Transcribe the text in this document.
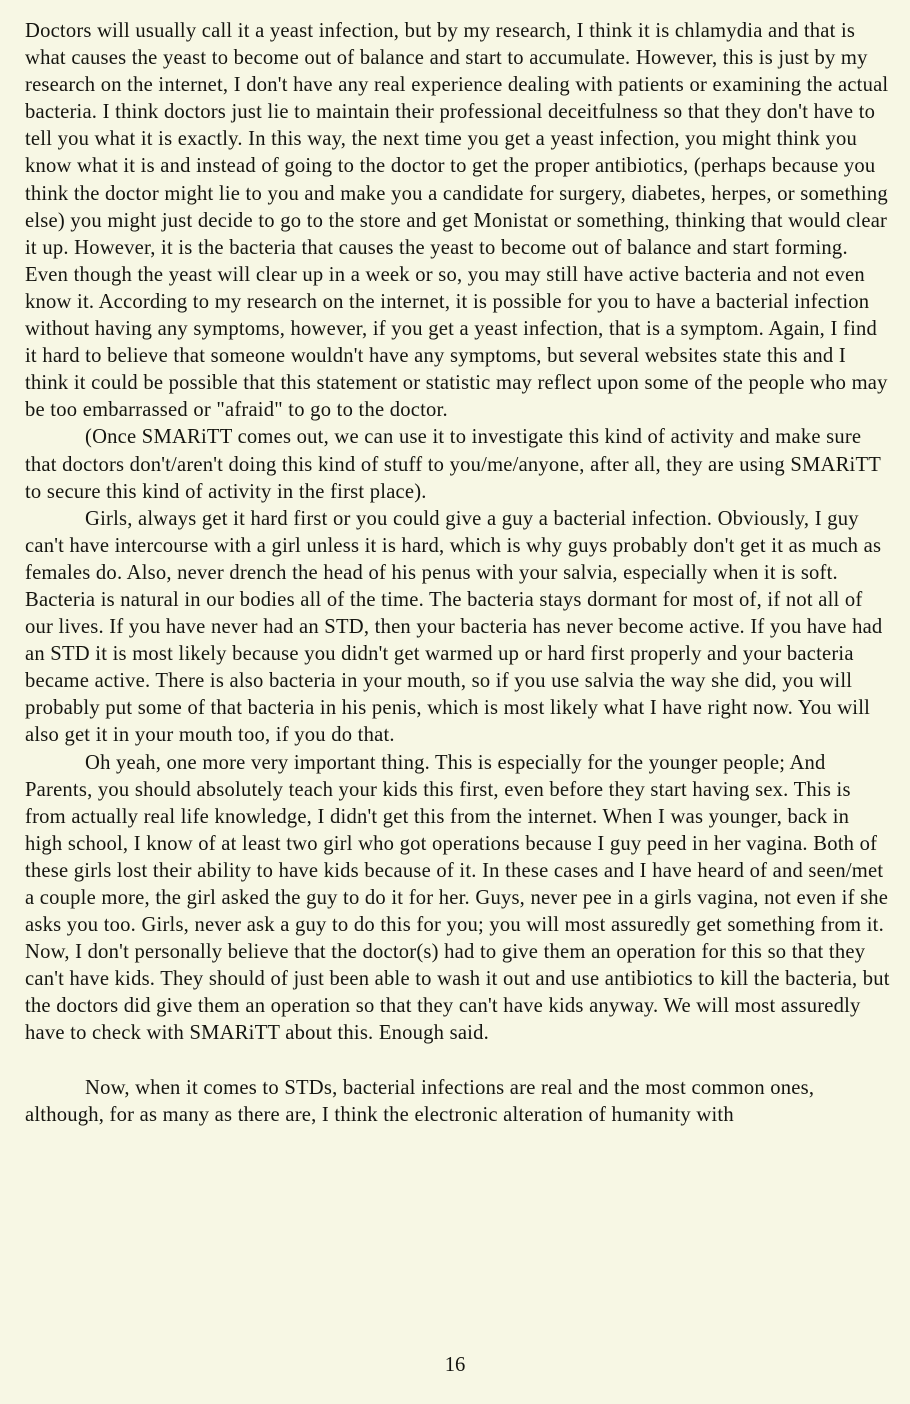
Doctors will usually call it a yeast infection, but by my research, I think it is chlamydia and that is what causes the yeast to become out of balance and start to accumulate. However, this is just by my research on the internet, I don't have any real experience dealing with patients or examining the actual bacteria. I think doctors just lie to maintain their professional deceitfulness so that they don't have to tell you what it is exactly. In this way, the next time you get a yeast infection, you might think you know what it is and instead of going to the doctor to get the proper antibiotics, (perhaps because you think the doctor might lie to you and make you a candidate for surgery, diabetes, herpes, or something else) you might just decide to go to the store and get Monistat or something, thinking that would clear it up. However, it is the bacteria that causes the yeast to become out of balance and start forming. Even though the yeast will clear up in a week or so, you may still have active bacteria and not even know it. According to my research on the internet, it is possible for you to have a bacterial infection without having any symptoms, however, if you get a yeast infection, that is a symptom. Again, I find it hard to believe that someone wouldn't have any symptoms, but several websites state this and I think it could be possible that this statement or statistic may reflect upon some of the people who may be too embarrassed or "afraid" to go to the doctor.

(Once SMARiTT comes out, we can use it to investigate this kind of activity and make sure that doctors don't/aren't doing this kind of stuff to you/me/anyone, after all, they are using SMARiTT to secure this kind of activity in the first place).

Girls, always get it hard first or you could give a guy a bacterial infection. Obviously, I guy can't have intercourse with a girl unless it is hard, which is why guys probably don't get it as much as females do. Also, never drench the head of his penus with your salvia, especially when it is soft. Bacteria is natural in our bodies all of the time. The bacteria stays dormant for most of, if not all of our lives. If you have never had an STD, then your bacteria has never become active. If you have had an STD it is most likely because you didn't get warmed up or hard first properly and your bacteria became active. There is also bacteria in your mouth, so if you use salvia the way she did, you will probably put some of that bacteria in his penis, which is most likely what I have right now. You will also get it in your mouth too, if you do that.

Oh yeah, one more very important thing. This is especially for the younger people; And Parents, you should absolutely teach your kids this first, even before they start having sex. This is from actually real life knowledge, I didn't get this from the internet. When I was younger, back in high school, I know of at least two girl who got operations because I guy peed in her vagina. Both of these girls lost their ability to have kids because of it. In these cases and I have heard of and seen/met a couple more, the girl asked the guy to do it for her. Guys, never pee in a girls vagina, not even if she asks you too. Girls, never ask a guy to do this for you; you will most assuredly get something from it. Now, I don't personally believe that the doctor(s) had to give them an operation for this so that they can't have kids. They should of just been able to wash it out and use antibiotics to kill the bacteria, but the doctors did give them an operation so that they can't have kids anyway. We will most assuredly have to check with SMARiTT about this. Enough said.

Now, when it comes to STDs, bacterial infections are real and the most common ones, although, for as many as there are, I think the electronic alteration of humanity with

16
